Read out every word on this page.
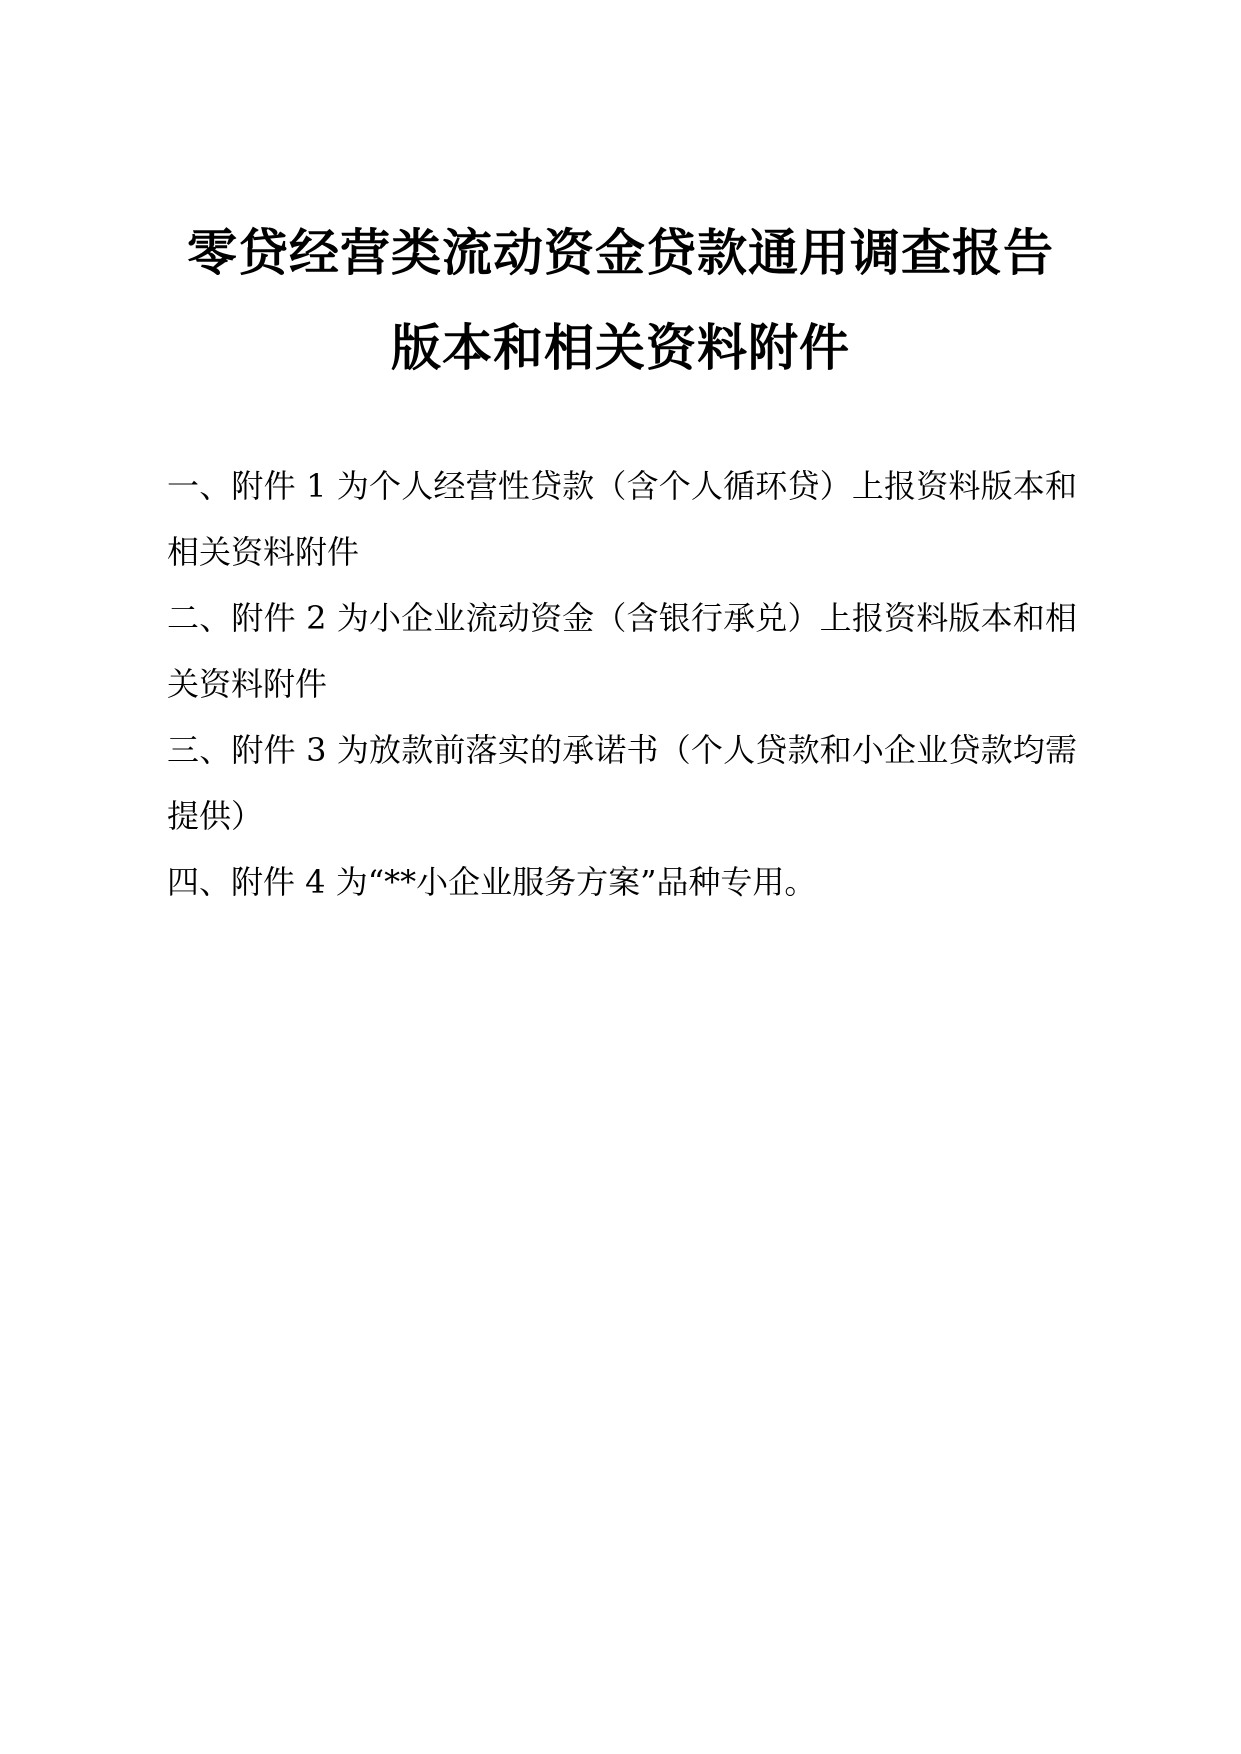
零贷经营类流动资金贷款通用调查报告
版本和相关资料附件

一、附件 1 为个人经营性贷款（含个人循环贷）上报资料版本和相关资料附件

二、附件 2 为小企业流动资金（含银行承兑）上报资料版本和相关资料附件

三、附件 3 为放款前落实的承诺书（个人贷款和小企业贷款均需提供）

四、附件 4 为“**小企业服务方案”品种专用。
